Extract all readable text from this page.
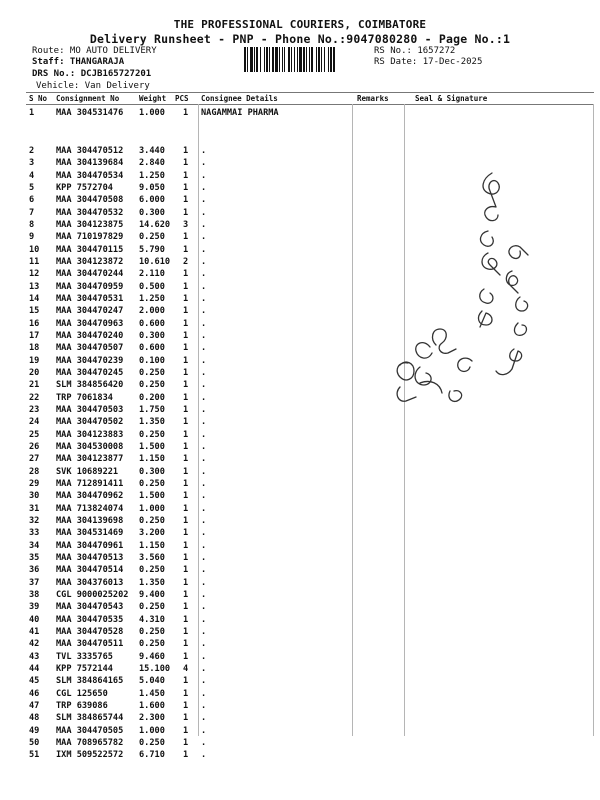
THE PROFESSIONAL COURIERS, COIMBATORE
Delivery Runsheet - PNP - Phone No.:9047080280 - Page No.:1
Route: MO AUTO DELIVERY
Staff: THANGARAJA
DRS No.: DCJB165727201
Vehicle: Van Delivery
RS No.: 1657272
RS Date: 17-Dec-2025
S No Consignment No	Weight PCS Consignee Details	Remarks	Seal & Signature
1	MAA 304531476 1.000 1 NAGAMMAI PHARMA
2	MAA 304470512 3.440 1 .
3	MAA 304139684 2.840 1 .
4	MAA 304470534 1.250 1 .
5	KPP 7572704	9.050 1 .
6	MAA 304470508 6.000 1 .
7	MAA 304470532 0.300 1 .
8	MAA 304123875 14.620 3 .
9	MAA 710197829 0.250 1 .
10 MAA 304470115 5.790 1 .
11 MAA 304123872 10.610 2 .
12 MAA 304470244 2.110 1 .
13 MAA 304470959 0.500 1 .
14 MAA 304470531 1.250 1 .
15 MAA 304470247 2.000 1 .
16 MAA 304470963 0.600 1 .
17 MAA 304470240 0.300 1 .
18 MAA 304470507 0.600 1 .
19 MAA 304470239 0.100 1 .
20 MAA 304470245 0.250 1 .
21 SLM 384856420 0.250 1 .
22 TRP 7061834	0.200 1 .
23 MAA 304470503 1.750 1 .
24 MAA 304470502 1.350 1 .
25 MAA 304123883 0.250 1 .
26 MAA 304530008 1.500 1 .
27 MAA 304123877 1.150 1 .
28 SVK 10689221 0.300 1 .
29 MAA 712891411 0.250 1 .
30 MAA 304470962 1.500 1 .
31 MAA 713824074 1.000 1 .
32 MAA 304139698 0.250 1 .
33 MAA 304531469 3.200 1 .
34 MAA 304470961 1.150 1 .
35 MAA 304470513 3.560 1 .
36 MAA 304470514 0.250 1 .
37 MAA 304376013 1.350 1 .
38 CGL 9000025202 9.400 1 .
39 MAA 304470543 0.250 1 .
40 MAA 304470535 4.310 1 .
41 MAA 304470528 0.250 1 .
42 MAA 304470511 0.250 1 .
43 TVL 3335765	9.460 1 .
44 KPP 7572144	15.100 4 .
45 SLM 384864165 5.040 1 .
46 CGL 125650	1.450 1 .
47 TRP 639086	1.600 1 .
48 SLM 384865744 2.300 1 .
49 MAA 304470505 1.000 1 .
50 MAA 708965782 0.250 1 .
51 IXM 509522572 6.710 1 .
